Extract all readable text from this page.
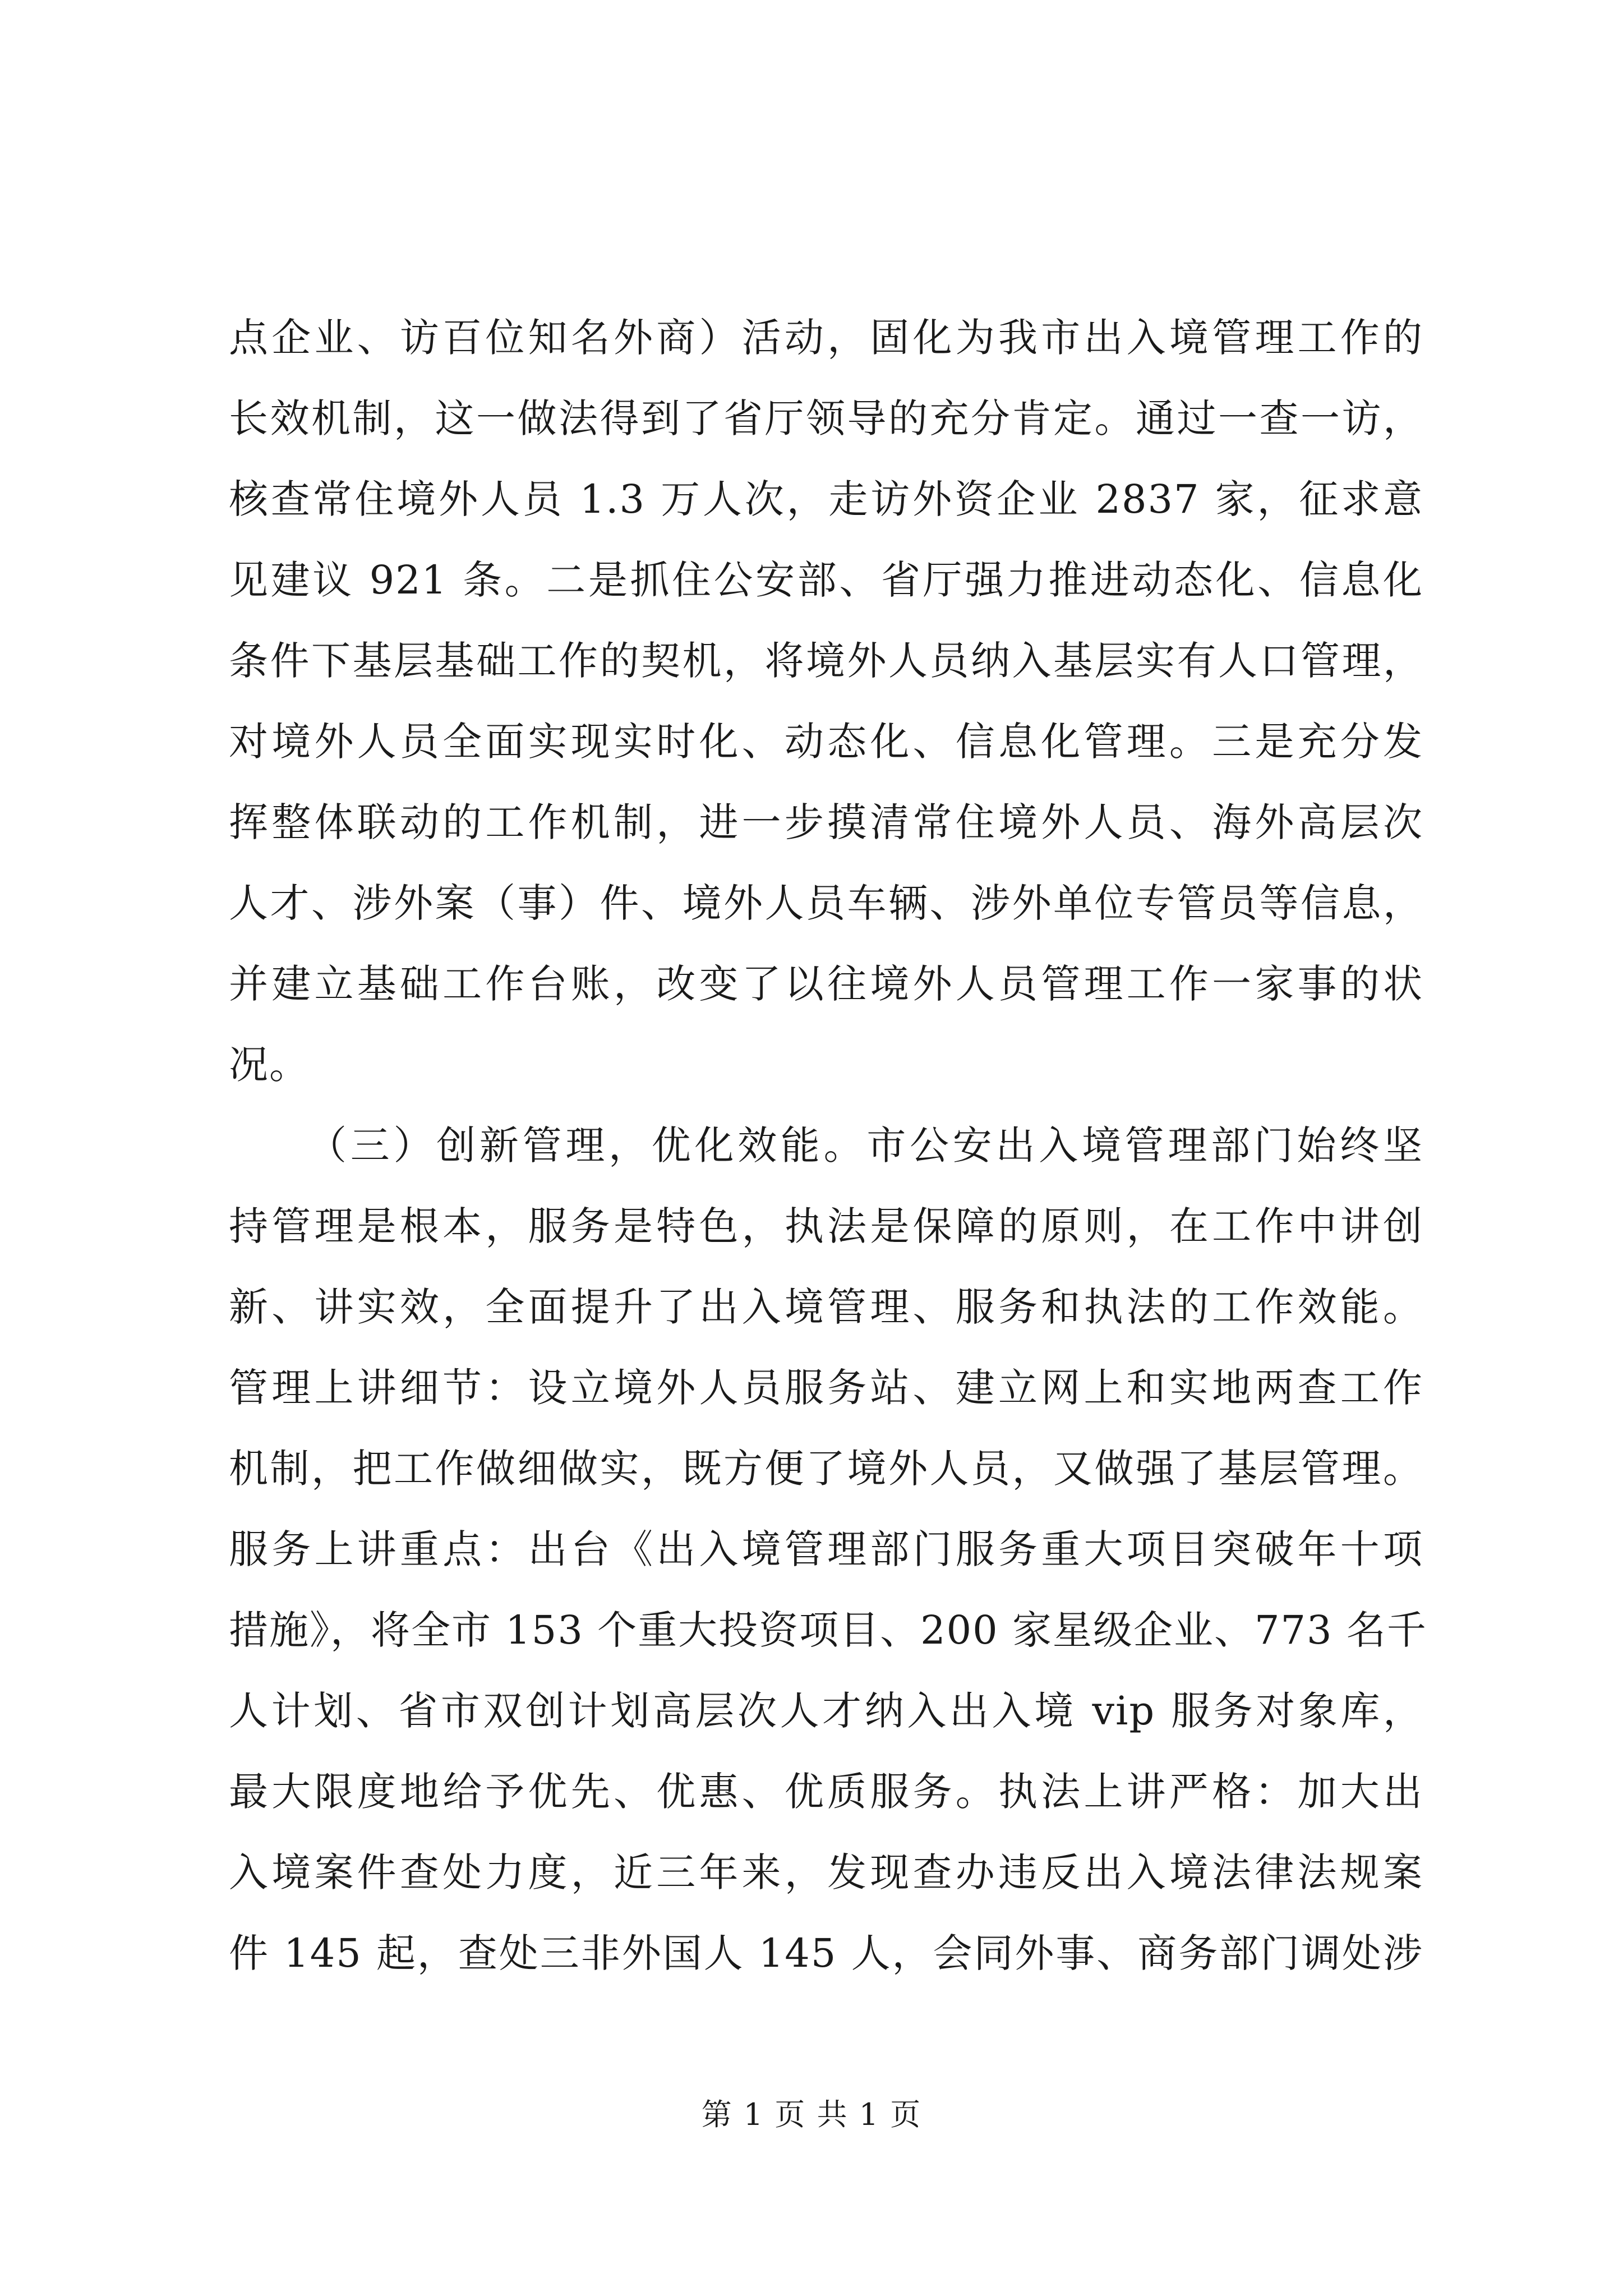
点企业、访百位知名外商）活动，固化为我市出入境管理工作的
长效机制，这一做法得到了省厅领导的充分肯定。通过一查一访，
核查常住境外人员 1.3 万人次，走访外资企业 2837 家，征求意
见建议 921 条。二是抓住公安部、省厅强力推进动态化、信息化
条件下基层基础工作的契机，将境外人员纳入基层实有人口管理，
对境外人员全面实现实时化、动态化、信息化管理。三是充分发
挥整体联动的工作机制，进一步摸清常住境外人员、海外高层次
人才、涉外案（事）件、境外人员车辆、涉外单位专管员等信息，
并建立基础工作台账，改变了以往境外人员管理工作一家事的状
况。
（三）创新管理，优化效能。市公安出入境管理部门始终坚
持管理是根本，服务是特色，执法是保障的原则，在工作中讲创
新、讲实效，全面提升了出入境管理、服务和执法的工作效能。
管理上讲细节：设立境外人员服务站、建立网上和实地两查工作
机制，把工作做细做实，既方便了境外人员，又做强了基层管理。
服务上讲重点：出台《出入境管理部门服务重大项目突破年十项
措施》，将全市 153 个重大投资项目、200 家星级企业、773 名千
人计划、省市双创计划高层次人才纳入出入境 vip 服务对象库，
最大限度地给予优先、优惠、优质服务。执法上讲严格：加大出
入境案件查处力度，近三年来，发现查办违反出入境法律法规案
件 145 起，查处三非外国人 145 人，会同外事、商务部门调处涉
第 1 页 共 1 页
